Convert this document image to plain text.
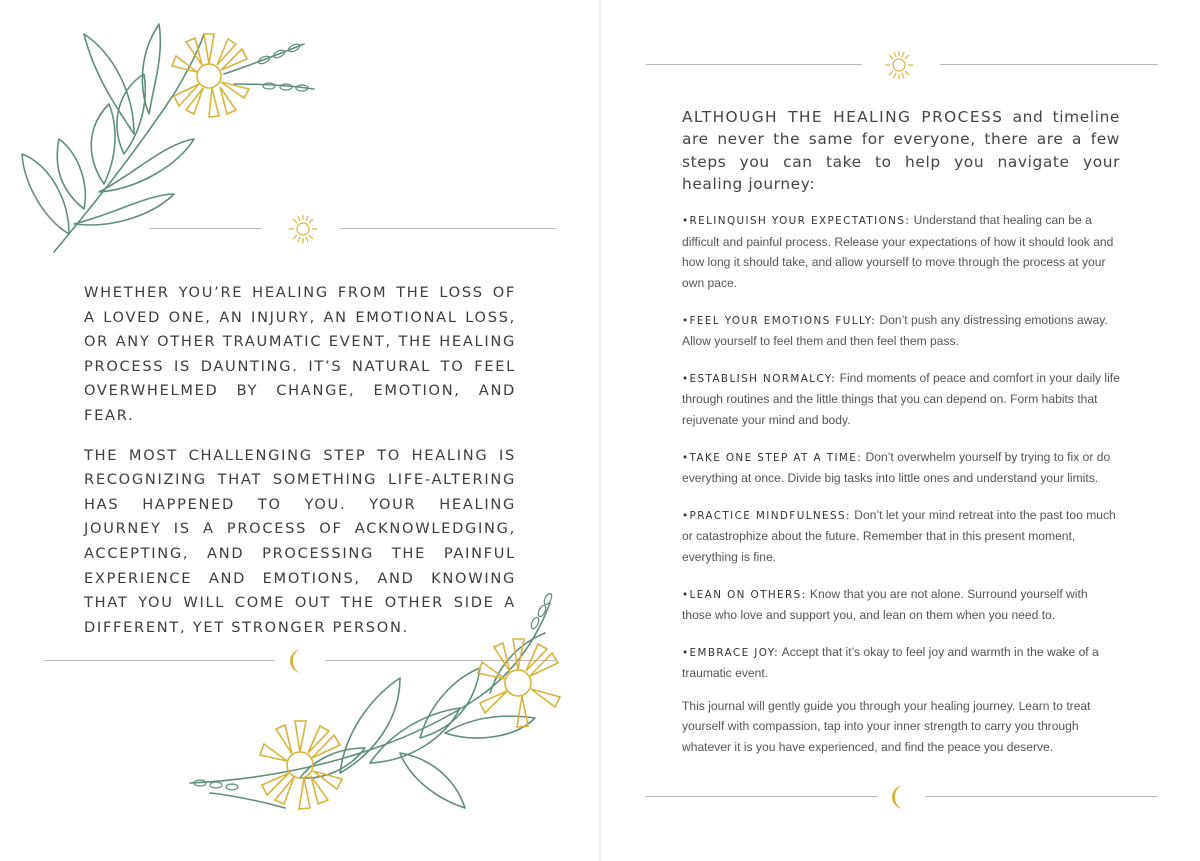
WHETHER YOU’RE HEALING FROM THE LOSS OF A LOVED ONE, AN INJURY, AN EMOTIONAL LOSS, OR ANY OTHER TRAUMATIC EVENT, THE HEALING PROCESS IS DAUNTING. IT’S NATURAL TO FEEL OVERWHELMED BY CHANGE, EMOTION, AND FEAR.

THE MOST CHALLENGING STEP TO HEALING IS RECOGNIZING THAT SOMETHING LIFE-ALTERING HAS HAPPENED TO YOU. YOUR HEALING JOURNEY IS A PROCESS OF ACKNOWLEDGING, ACCEPTING, AND PROCESSING THE PAINFUL EXPERIENCE AND EMOTIONS, AND KNOWING THAT YOU WILL COME OUT THE OTHER SIDE A DIFFERENT, YET STRONGER PERSON.

ALTHOUGH THE HEALING PROCESS and timeline are never the same for everyone, there are a few steps you can take to help you navigate your healing journey:

•RELINQUISH YOUR EXPECTATIONS: Understand that healing can be a difficult and painful process. Release your expectations of how it should look and how long it should take, and allow yourself to move through the process at your own pace.

•FEEL YOUR EMOTIONS FULLY: Don’t push any distressing emotions away. Allow yourself to feel them and then feel them pass.

•ESTABLISH NORMALCY: Find moments of peace and comfort in your daily life through routines and the little things that you can depend on. Form habits that rejuvenate your mind and body.

•TAKE ONE STEP AT A TIME: Don’t overwhelm yourself by trying to fix or do everything at once. Divide big tasks into little ones and understand your limits.

•PRACTICE MINDFULNESS: Don’t let your mind retreat into the past too much or catastrophize about the future. Remember that in this present moment, everything is fine.

•LEAN ON OTHERS: Know that you are not alone. Surround yourself with those who love and support you, and lean on them when you need to.

•EMBRACE JOY: Accept that it’s okay to feel joy and warmth in the wake of a traumatic event.

This journal will gently guide you through your healing journey. Learn to treat yourself with compassion, tap into your inner strength to carry you through whatever it is you have experienced, and find the peace you deserve.
